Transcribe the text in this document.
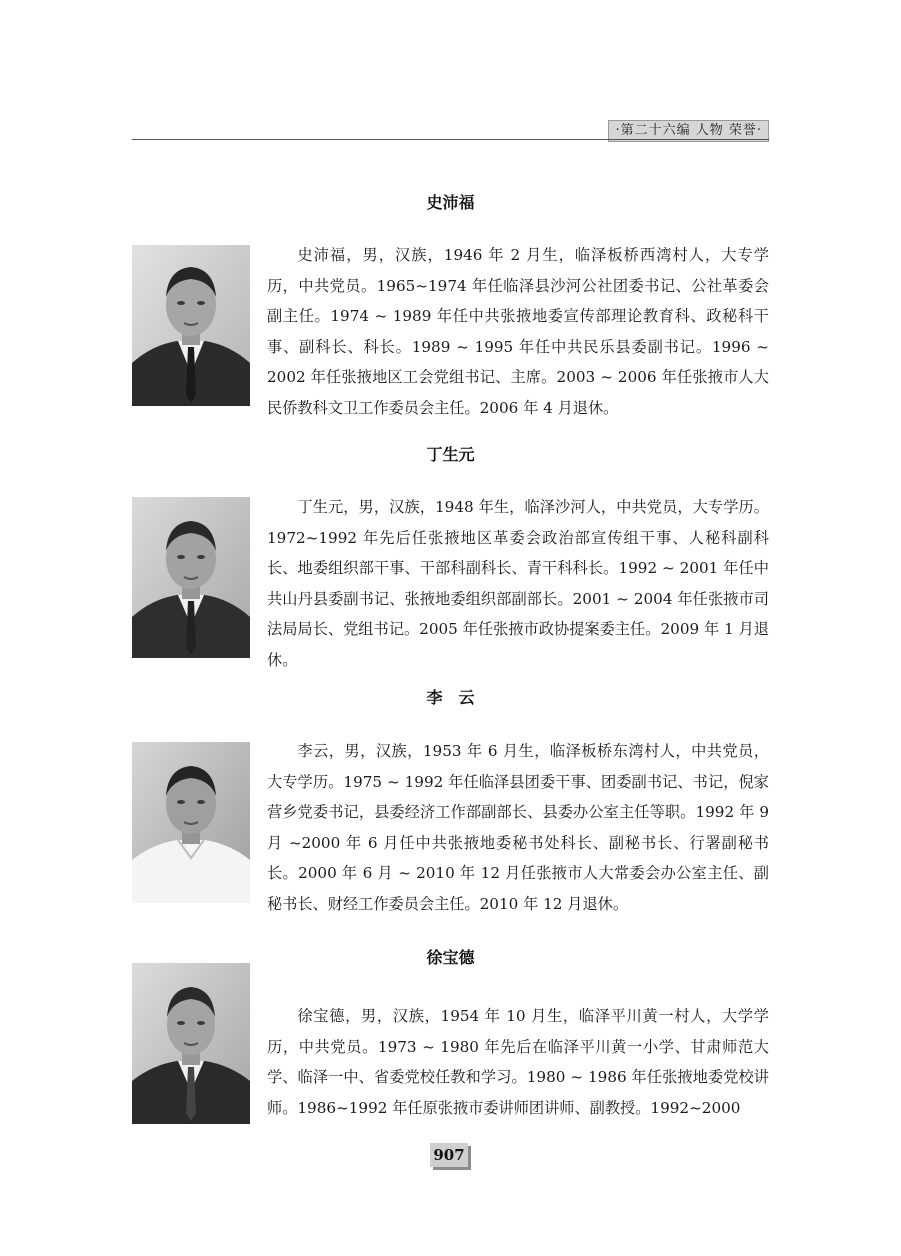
·第二十六编 人物 荣誉·
史沛福

史沛福，男，汉族，1946 年 2 月生，临泽板桥西湾村人，大专学历，中共党员。1965~1974 年任临泽县沙河公社团委书记、公社革委会副主任。1974 ~ 1989 年任中共张掖地委宣传部理论教育科、政秘科干事、副科长、科长。1989 ~ 1995 年任中共民乐县委副书记。1996 ~ 2002 年任张掖地区工会党组书记、主席。2003 ~ 2006 年任张掖市人大民侨教科文卫工作委员会主任。2006 年 4 月退休。

丁生元

丁生元，男，汉族，1948 年生，临泽沙河人，中共党员，大专学历。1972~1992 年先后任张掖地区革委会政治部宣传组干事、人秘科副科长、地委组织部干事、干部科副科长、青干科科长。1992 ~ 2001 年任中共山丹县委副书记、张掖地委组织部副部长。2001 ~ 2004 年任张掖市司法局局长、党组书记。2005 年任张掖市政协提案委主任。2009 年 1 月退休。

李　云

李云，男，汉族，1953 年 6 月生，临泽板桥东湾村人，中共党员，大专学历。1975 ~ 1992 年任临泽县团委干事、团委副书记、书记，倪家营乡党委书记，县委经济工作部副部长、县委办公室主任等职。1992 年 9 月 ~2000 年 6 月任中共张掖地委秘书处科长、副秘书长、行署副秘书长。2000 年 6 月 ~ 2010 年 12 月任张掖市人大常委会办公室主任、副秘书长、财经工作委员会主任。2010 年 12 月退休。

徐宝德

徐宝德，男，汉族，1954 年 10 月生，临泽平川黄一村人，大学学历，中共党员。1973 ~ 1980 年先后在临泽平川黄一小学、甘肃师范大学、临泽一中、省委党校任教和学习。1980 ~ 1986 年任张掖地委党校讲师。1986~1992 年任原张掖市委讲师团讲师、副教授。1992~2000

907
